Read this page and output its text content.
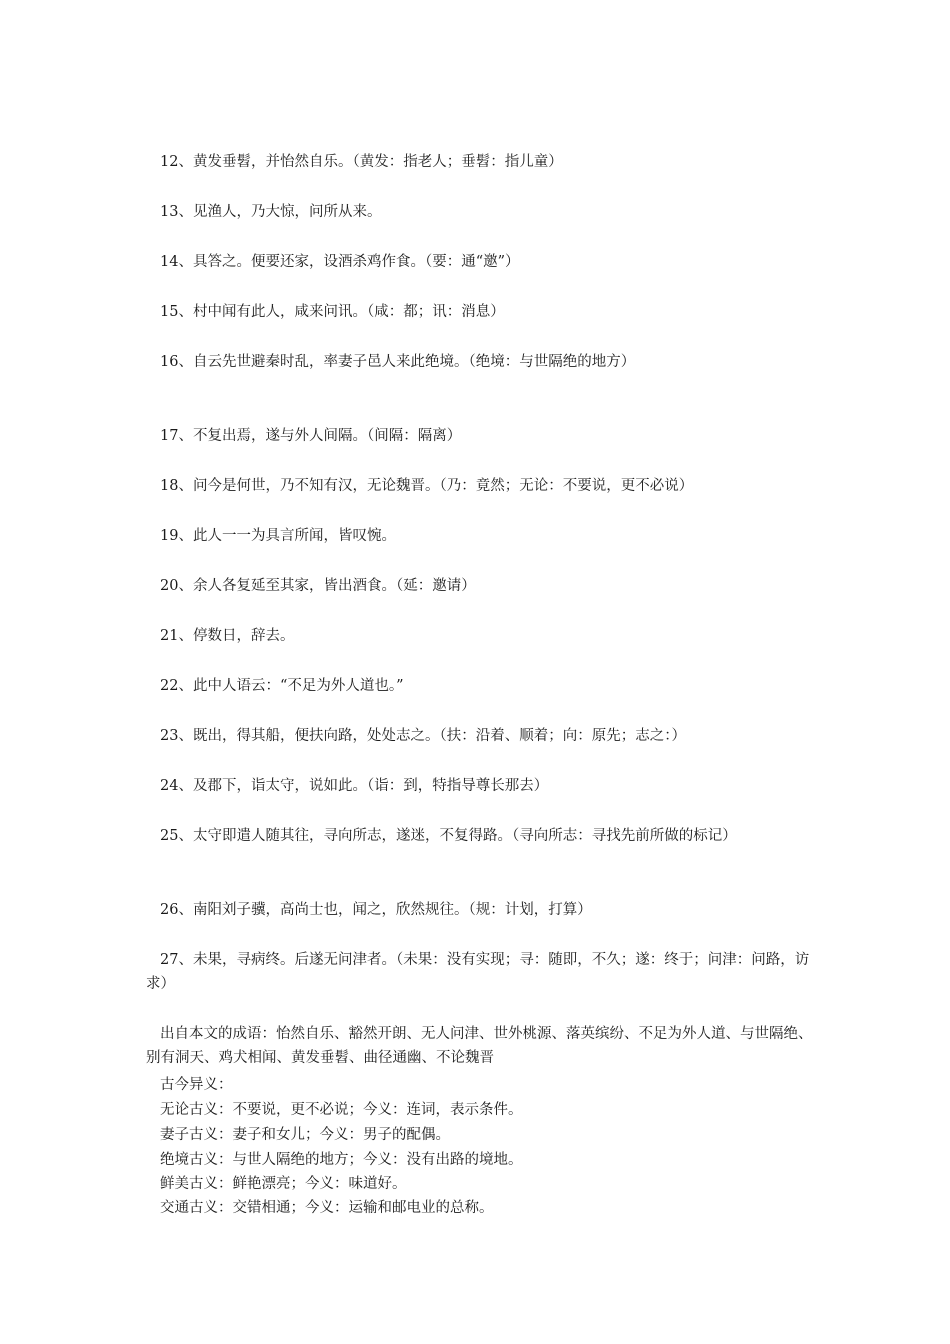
12、黄发垂髫，并怡然自乐。（黄发：指老人；垂髫：指儿童）
13、见渔人，乃大惊，问所从来。
14、具答之。便要还家，设酒杀鸡作食。（要：通“邀”）
15、村中闻有此人，咸来问讯。（咸：都；讯：消息）
16、自云先世避秦时乱，率妻子邑人来此绝境。（绝境：与世隔绝的地方）
17、不复出焉，遂与外人间隔。（间隔：隔离）
18、问今是何世，乃不知有汉，无论魏晋。（乃：竟然；无论：不要说，更不必说）
19、此人一一为具言所闻，皆叹惋。
20、余人各复延至其家，皆出酒食。（延：邀请）
21、停数日，辞去。
22、此中人语云：“不足为外人道也。”
23、既出，得其船，便扶向路，处处志之。（扶：沿着、顺着；向：原先；志之：）
24、及郡下，诣太守，说如此。（诣：到，特指导尊长那去）
25、太守即遣人随其往，寻向所志，遂迷，不复得路。（寻向所志：寻找先前所做的标记）
26、南阳刘子骥，高尚士也，闻之，欣然规往。（规：计划，打算）
27、未果，寻病终。后遂无问津者。（未果：没有实现；寻：随即，不久；遂：终于；问津：问路，访求）
出自本文的成语：怡然自乐、豁然开朗、无人问津、世外桃源、落英缤纷、不足为外人道、与世隔绝、别有洞天、鸡犬相闻、黄发垂髫、曲径通幽、不论魏晋
古今异义：
无论古义：不要说，更不必说；今义：连词，表示条件。
妻子古义：妻子和女儿；今义：男子的配偶。
绝境古义：与世人隔绝的地方；今义：没有出路的境地。
鲜美古义：鲜艳漂亮；今义：味道好。
交通古义：交错相通；今义：运输和邮电业的总称。
